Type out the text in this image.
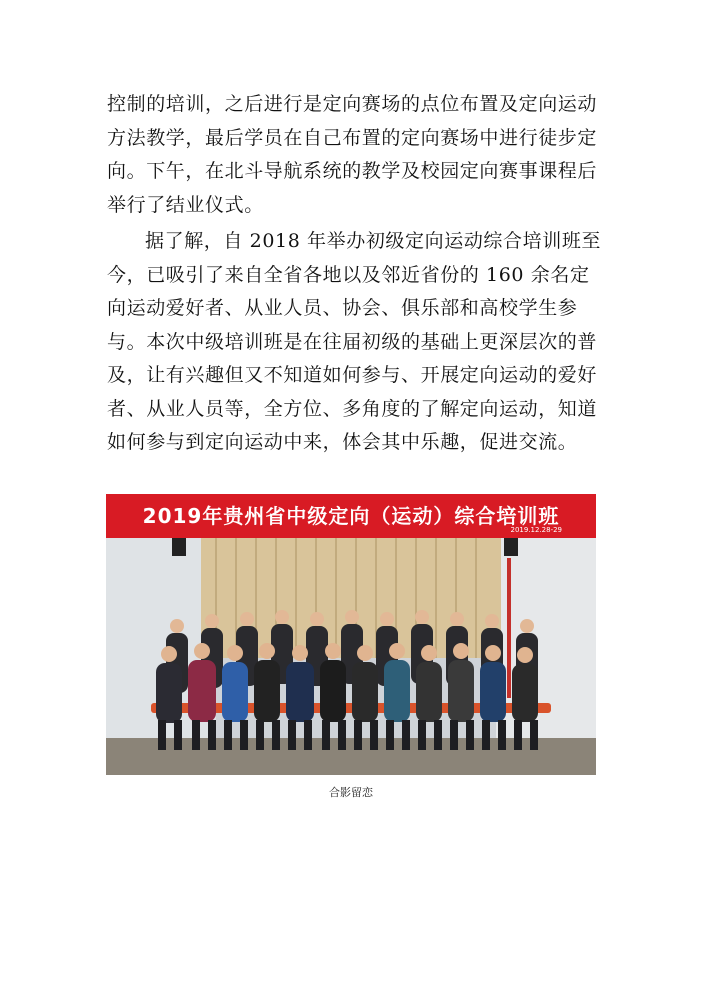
控制的培训，之后进行是定向赛场的点位布置及定向运动方法教学，最后学员在自己布置的定向赛场中进行徒步定向。下午，在北斗导航系统的教学及校园定向赛事课程后举行了结业仪式。

据了解，自 2018 年举办初级定向运动综合培训班至今，已吸引了来自全省各地以及邻近省份的 160 余名定向运动爱好者、从业人员、协会、俱乐部和高校学生参与。本次中级培训班是在往届初级的基础上更深层次的普及，让有兴趣但又不知道如何参与、开展定向运动的爱好者、从业人员等，全方位、多角度的了解定向运动，知道如何参与到定向运动中来，体会其中乐趣，促进交流。

2019年贵州省中级定向（运动）综合培训班
2019.12.28-29
合影留恋
